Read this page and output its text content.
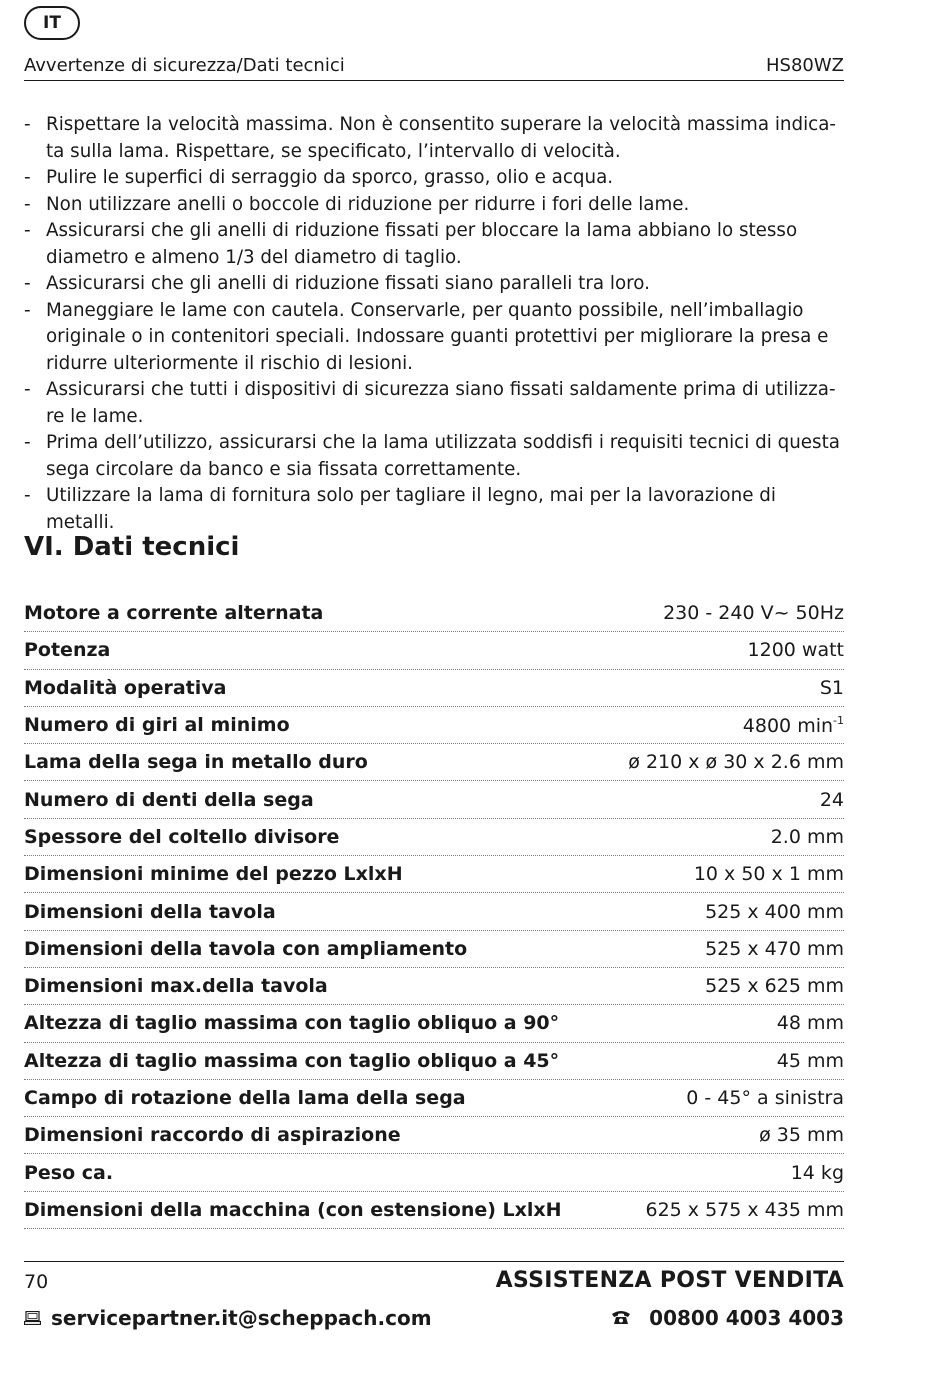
IT
Avvertenze di sicurezza/Dati tecnici	HS80WZ
- Rispettare la velocità massima. Non è consentito superare la velocità massima indica-
ta sulla lama. Rispettare, se specificato, l’intervallo di velocità.
- Pulire le superfici di serraggio da sporco, grasso, olio e acqua.
- Non utilizzare anelli o boccole di riduzione per ridurre i fori delle lame.
- Assicurarsi che gli anelli di riduzione fissati per bloccare la lama abbiano lo stesso
diametro e almeno 1/3 del diametro di taglio.
- Assicurarsi che gli anelli di riduzione fissati siano paralleli tra loro.
- Maneggiare le lame con cautela. Conservarle, per quanto possibile, nell’imballagio
originale o in contenitori speciali. Indossare guanti protettivi per migliorare la presa e
ridurre ulteriormente il rischio di lesioni.
- Assicurarsi che tutti i dispositivi di sicurezza siano fissati saldamente prima di utilizza-
re le lame.
- Prima dell’utilizzo, assicurarsi che la lama utilizzata soddisfi i requisiti tecnici di questa
sega circolare da banco e sia fissata correttamente.
- Utilizzare la lama di fornitura solo per tagliare il legno, mai per la lavorazione di metalli.
VI. Dati tecnici
Motore a corrente alternata	230 - 240 V~ 50Hz
Potenza	1200 watt
Modalità operativa	S1
Numero di giri al minimo	4800 $\min^{-1}$
Lama della sega in metallo duro	ø 210 x ø 30 x 2.6 mm
Numero di denti della sega	24
Spessore del coltello divisore	2.0 mm
Dimensioni minime del pezzo LxlxH	10 x 50 x 1 mm
Dimensioni della tavola	525 x 400 mm
Dimensioni della tavola con ampliamento	525 x 470 mm
Dimensioni max.della tavola	525 x 625 mm
Altezza di taglio massima con taglio obliquo a 90°	48 mm
Altezza di taglio massima con taglio obliquo a 45°	45 mm
Campo di rotazione della lama della sega	0 - 45° a sinistra
Dimensioni raccordo di aspirazione	ø 35 mm
Peso ca.	14 kg
Dimensioni della macchina (con estensione) LxlxH	625 x 575 x 435 mm
70	ASSISTENZA POST VENDITA
servicepartner.it@scheppach.com	00800 4003 4003
